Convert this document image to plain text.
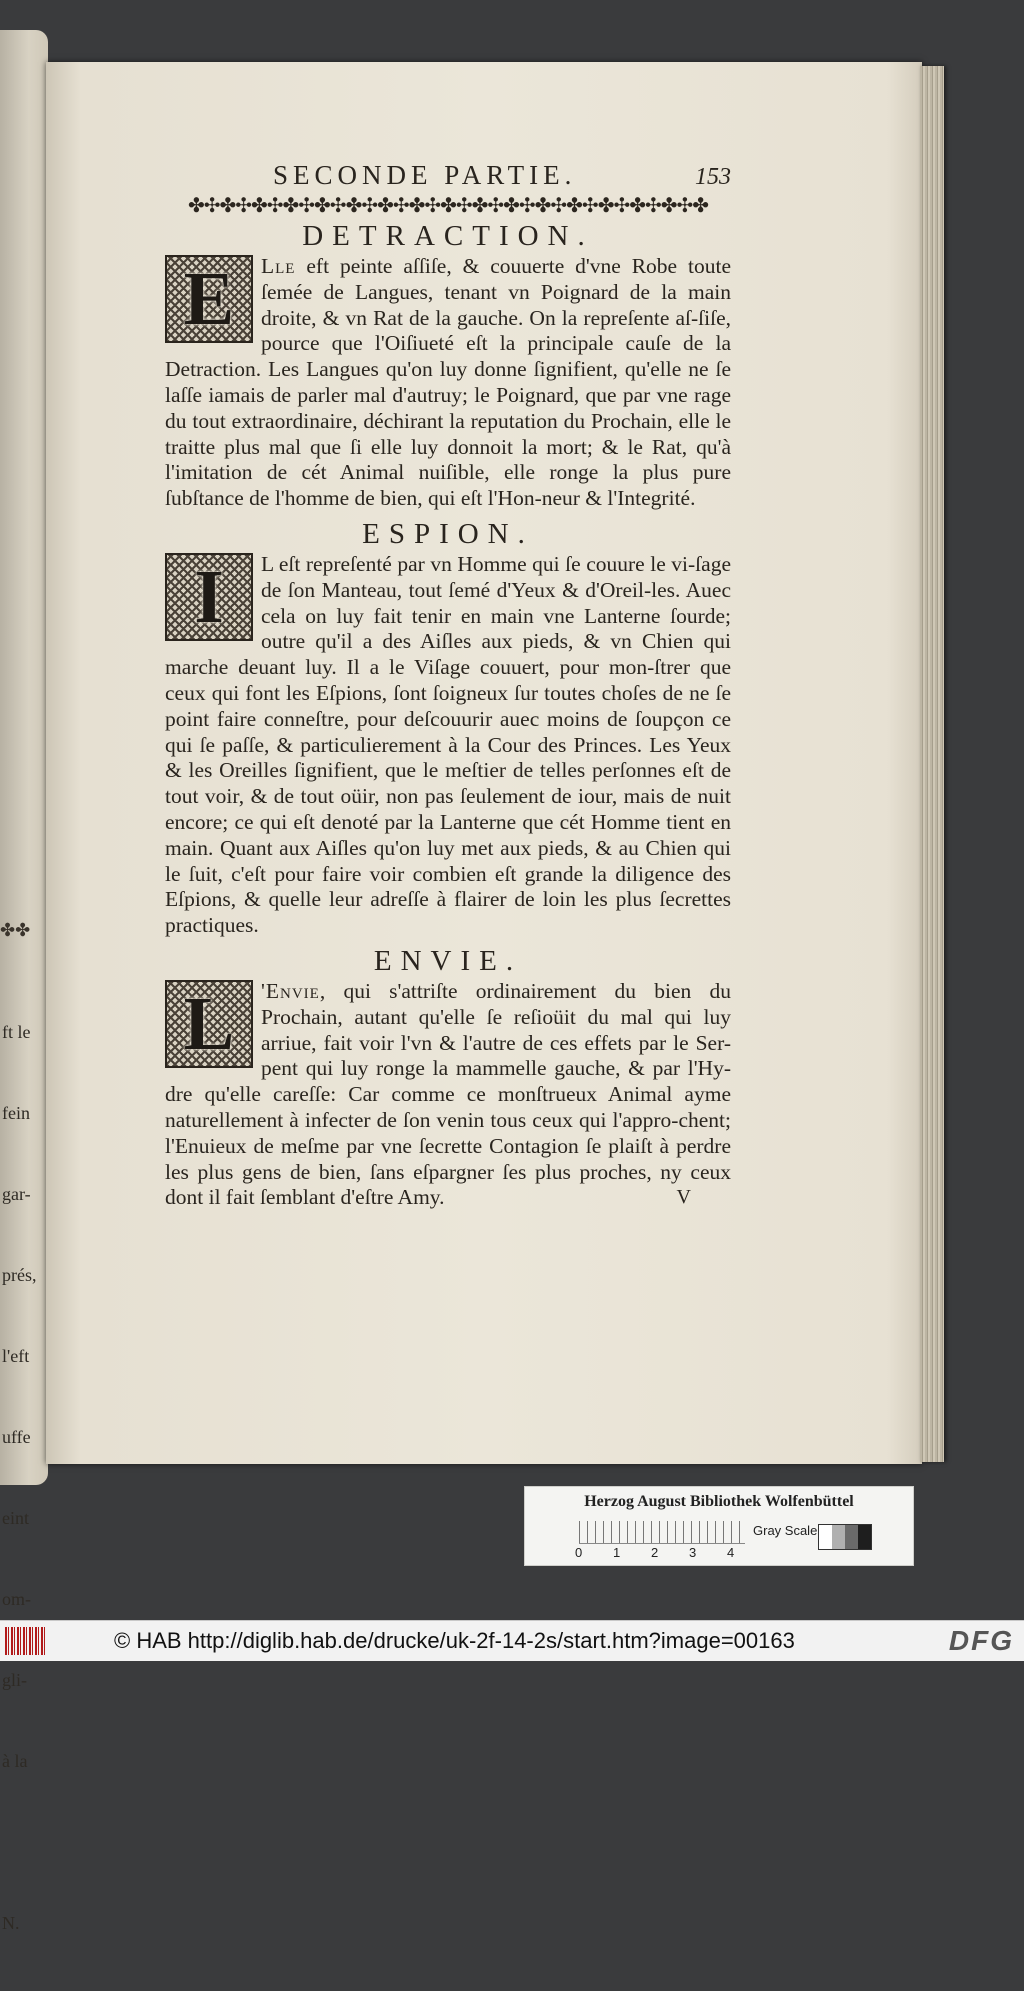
✤✤

ft le

fein

gar-

prés,

l'eft

uffe

eint

om-

gli-

à la

N.

SECONDE PARTIE.	153
✤✣✤✣✤✣✤✣✤✣✤✣✤✣✤✣✤✣✤✣✤✣✤✣✤✣✤✣✤✣✤✣✤
DETRACTION.
E	Lle eft peinte aſſiſe, & couuerte d'vne Robe toute ſemée de Langues, tenant vn Poignard de la main droite, & vn Rat de la gauche. On la repreſente aſ-ſiſe, pource que l'Oiſiueté eſt la principale cauſe de la Detraction. Les Langues qu'on luy donne ſignifient, qu'elle ne ſe laſſe iamais de parler mal d'autruy; le Poignard, que par vne rage du tout extraordinaire, déchirant la reputation du Prochain, elle le traitte plus mal que ſi elle luy donnoit la mort; & le Rat, qu'à l'imitation de cét Animal nuiſible, elle ronge la plus pure ſubſtance de l'homme de bien, qui eſt l'Hon-neur & l'Integrité.

ESPION.
I	L eſt repreſenté par vn Homme qui ſe couure le vi-ſage de ſon Manteau, tout ſemé d'Yeux & d'Oreil-les. Auec cela on luy fait tenir en main vne Lanterne ſourde; outre qu'il a des Aiſles aux pieds, & vn Chien qui marche deuant luy. Il a le Viſage couuert, pour mon-ſtrer que ceux qui font les Eſpions, ſont ſoigneux ſur toutes choſes de ne ſe point faire conneſtre, pour deſcouurir auec moins de ſoupçon ce qui ſe paſſe, & particulierement à la Cour des Princes. Les Yeux & les Oreilles ſignifient, que le meſtier de telles perſonnes eſt de tout voir, & de tout oüir, non pas ſeulement de iour, mais de nuit encore; ce qui eſt denoté par la Lanterne que cét Homme tient en main. Quant aux Aiſles qu'on luy met aux pieds, & au Chien qui le ſuit, c'eſt pour faire voir combien eſt grande la diligence des Eſpions, & quelle leur adreſſe à flairer de loin les plus ſecrettes practiques.

ENVIE.
L	'Envie, qui s'attriſte ordinairement du bien du Prochain, autant qu'elle ſe reſioüit du mal qui luy arriue, fait voir l'vn & l'autre de ces effets par le Ser-pent qui luy ronge la mammelle gauche, & par l'Hy-dre qu'elle careſſe: Car comme ce monſtrueux Animal ayme naturellement à infecter de ſon venin tous ceux qui l'appro-chent; l'Enuieux de meſme par vne ſecrette Contagion ſe plaiſt à perdre les plus gens de bien, ſans eſpargner ſes plus proches, ny ceux dont il fait ſemblant d'eſtre Amy.	V
Herzog August Bibliothek Wolfenbüttel
0 1 2 3 4
Gray Scale
© HAB http://diglib.hab.de/drucke/uk-2f-14-2s/start.htm?image=00163	DFG
